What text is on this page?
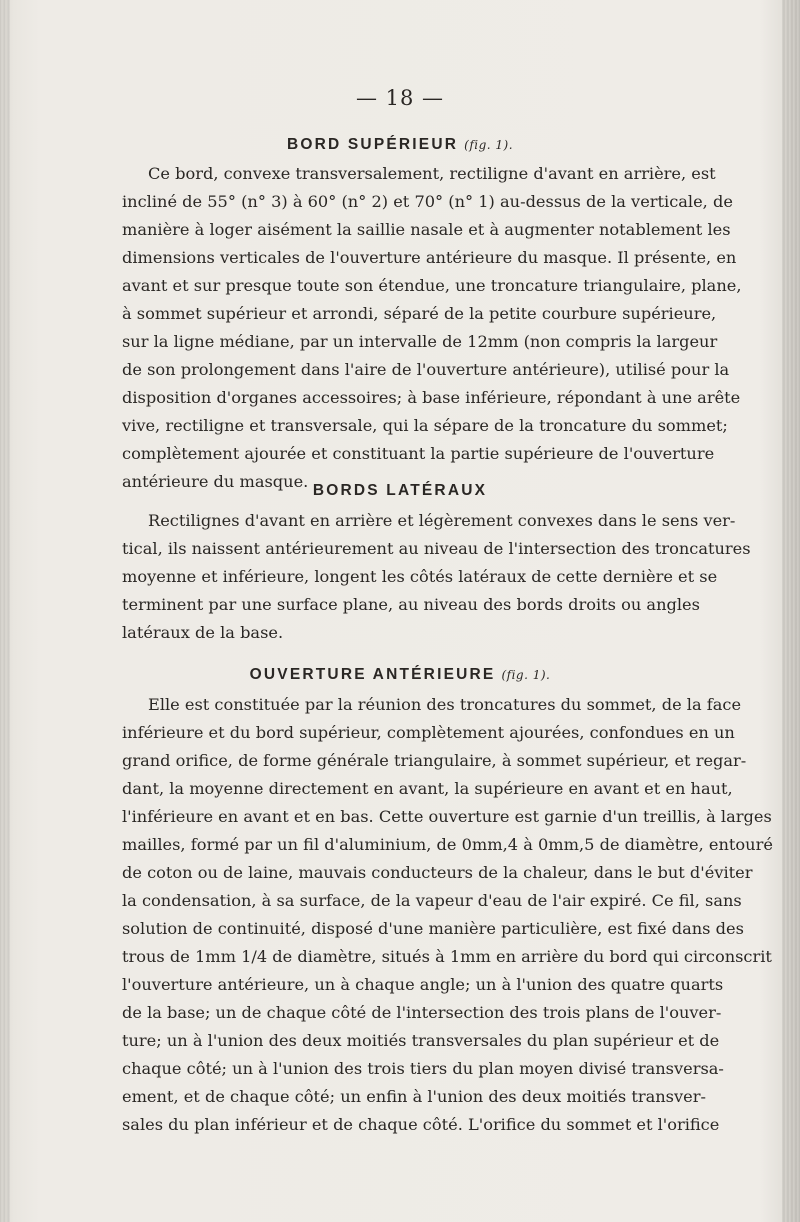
— 18 —
BORD SUPÉRIEUR (fig. 1).
Ce bord, convexe transversalement, rectiligne d'avant en arrière, est
incliné de 55° (n° 3) à 60° (n° 2) et 70° (n° 1) au-dessus de la verticale, de
manière à loger aisément la saillie nasale et à augmenter notablement les
dimensions verticales de l'ouverture antérieure du masque. Il présente, en
avant et sur presque toute son étendue, une troncature triangulaire, plane,
à sommet supérieur et arrondi, séparé de la petite courbure supérieure,
sur la ligne médiane, par un intervalle de 12mm (non compris la largeur
de son prolongement dans l'aire de l'ouverture antérieure), utilisé pour la
disposition d'organes accessoires; à base inférieure, répondant à une arête
vive, rectiligne et transversale, qui la sépare de la troncature du sommet;
complètement ajourée et constituant la partie supérieure de l'ouverture
antérieure du masque. BORDS LATÉRAUX
Rectilignes d'avant en arrière et légèrement convexes dans le sens ver-
tical, ils naissent antérieurement au niveau de l'intersection des troncatures
moyenne et inférieure, longent les côtés latéraux de cette dernière et se
terminent par une surface plane, au niveau des bords droits ou angles
latéraux de la base.
OUVERTURE ANTÉRIEURE (fig. 1).
Elle est constituée par la réunion des troncatures du sommet, de la face
inférieure et du bord supérieur, complètement ajourées, confondues en un
grand orifice, de forme générale triangulaire, à sommet supérieur, et regar-
dant, la moyenne directement en avant, la supérieure en avant et en haut,
l'inférieure en avant et en bas. Cette ouverture est garnie d'un treillis, à larges
mailles, formé par un fil d'aluminium, de 0mm,4 à 0mm,5 de diamètre, entouré
de coton ou de laine, mauvais conducteurs de la chaleur, dans le but d'éviter
la condensation, à sa surface, de la vapeur d'eau de l'air expiré. Ce fil, sans
solution de continuité, disposé d'une manière particulière, est fixé dans des
trous de 1mm 1/4 de diamètre, situés à 1mm en arrière du bord qui circonscrit
l'ouverture antérieure, un à chaque angle; un à l'union des quatre quarts
de la base; un de chaque côté de l'intersection des trois plans de l'ouver-
ture; un à l'union des deux moitiés transversales du plan supérieur et de
chaque côté; un à l'union des trois tiers du plan moyen divisé transversa-
ement, et de chaque côté; un enfin à l'union des deux moitiés transver-
sales du plan inférieur et de chaque côté. L'orifice du sommet et l'orifice
